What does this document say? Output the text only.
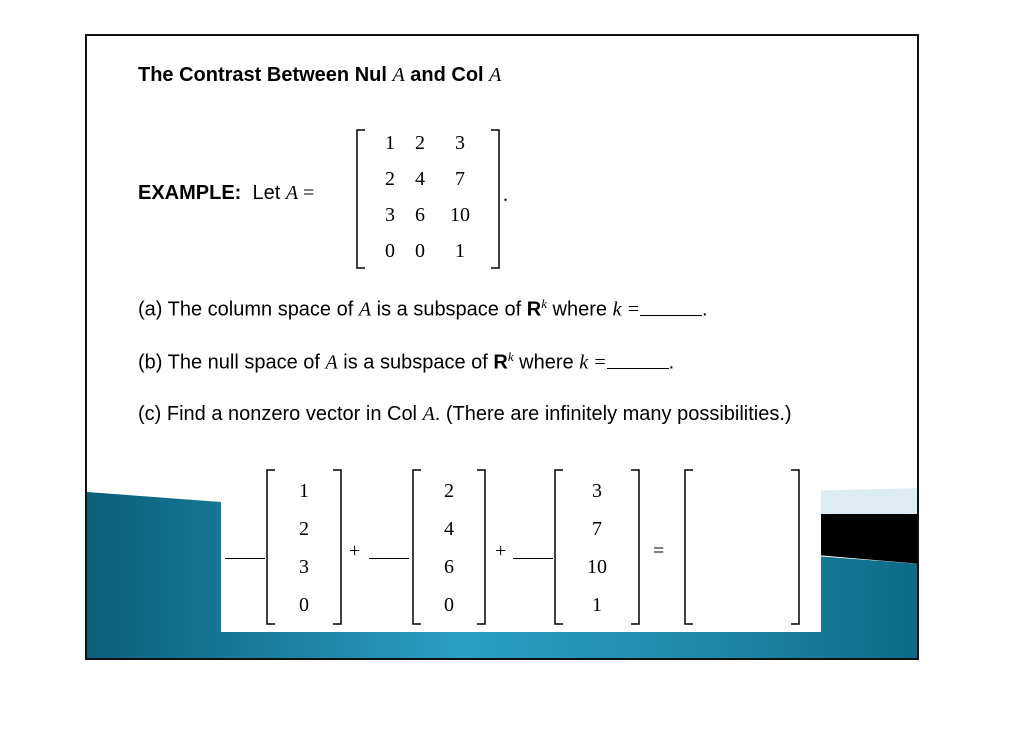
The Contrast Between Nul A and Col A
EXAMPLE: Let A =
1	2	3
2	4	7
3	6	10
0	0	1
.
(a) The column space of A is a subspace of $R^k$ where k =	.
(b) The null space of A is a subspace of $R^k$ where k =	.
(c) Find a nonzero vector in Col A. (There are infinitely many possibilities.)
1
2
3
0
+
2
4
6
0
+
3
7
10
1
=
